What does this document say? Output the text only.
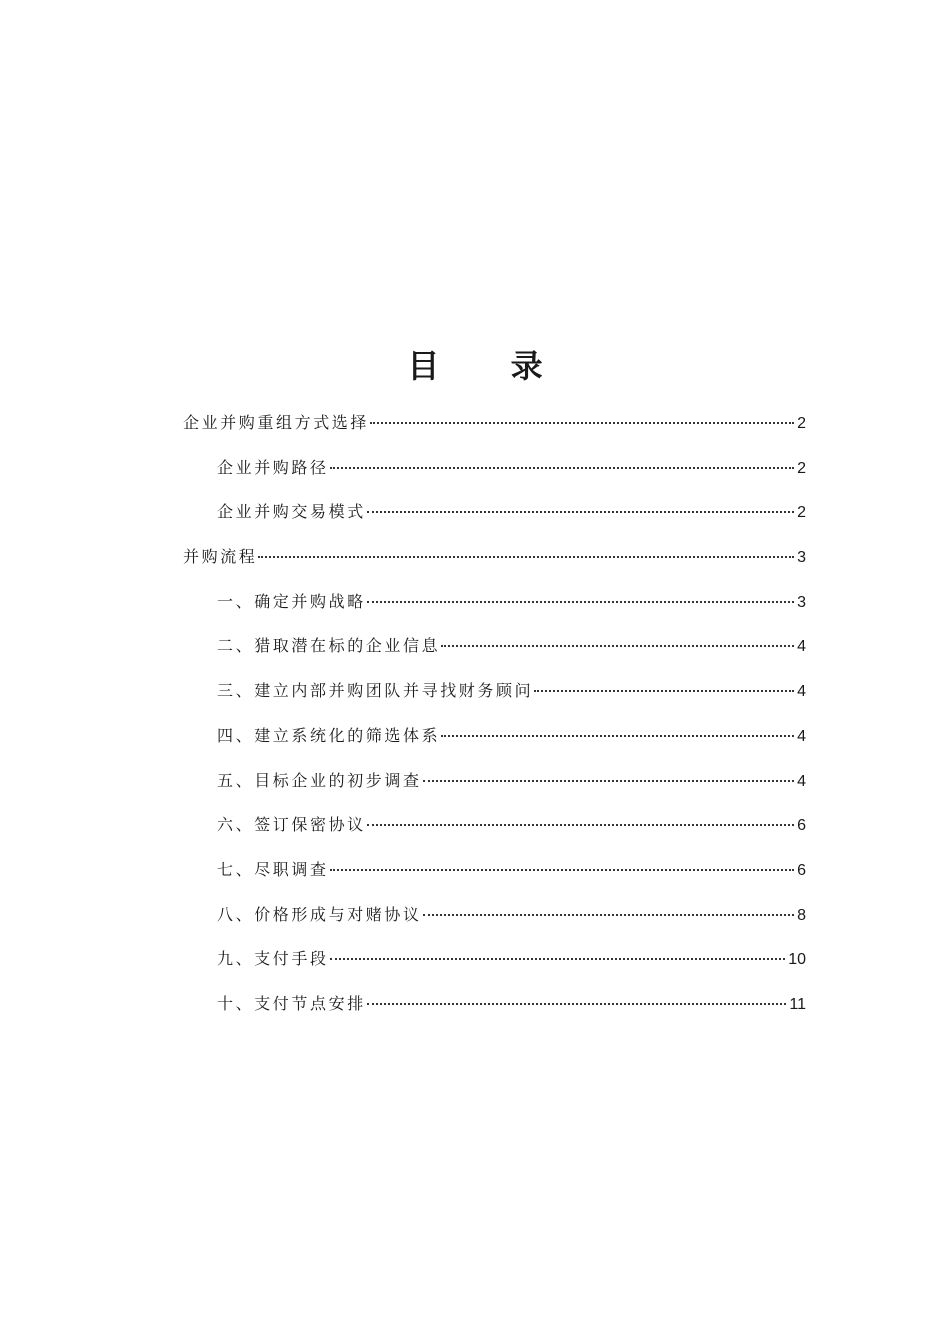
目 录
企业并购重组方式选择	2
企业并购路径	2
企业并购交易模式	2
并购流程	3
一、确定并购战略	3
二、猎取潜在标的企业信息	4
三、建立内部并购团队并寻找财务顾问	4
四、建立系统化的筛选体系	4
五、目标企业的初步调查	4
六、签订保密协议	6
七、尽职调查	6
八、价格形成与对赌协议	8
九、支付手段	10
十、支付节点安排	11
